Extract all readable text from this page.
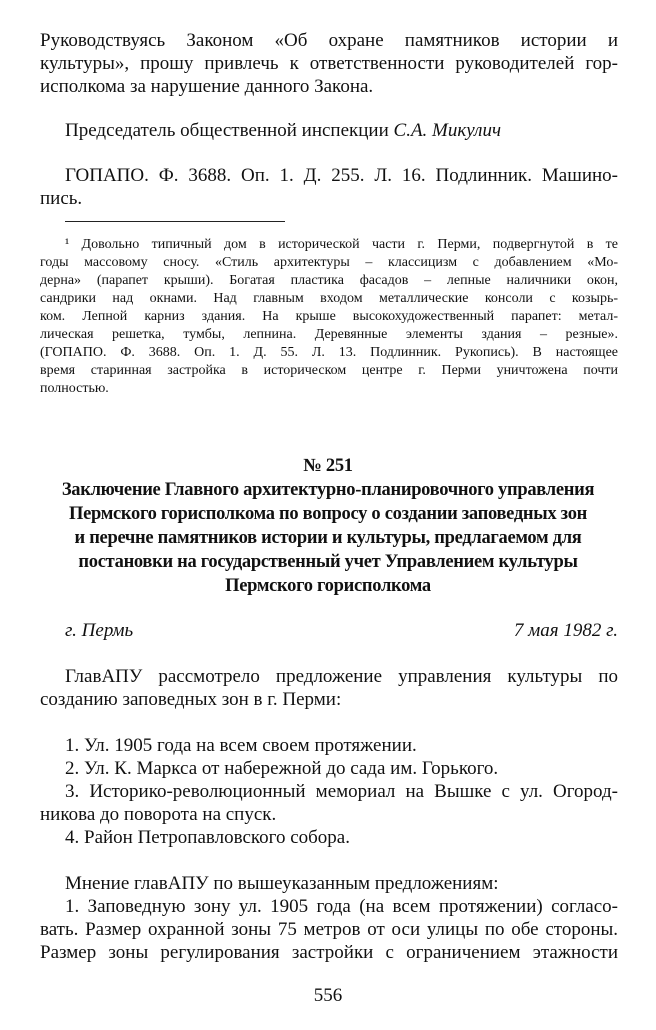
Руководствуясь Законом «Об охране памятников истории и
культуры», прошу привлечь к ответственности руководителей гор-
исполкома за нарушение данного Закона.
Председатель общественной инспекции С.А. Микулич
ГОПАПО. Ф. 3688. Оп. 1. Д. 255. Л. 16. Подлинник. Машино-
пись.
¹ Довольно типичный дом в исторической части г. Перми, подвергнутой в те
годы массовому сносу. «Стиль архитектуры – классицизм с добавлением «Мо-
дерна» (парапет крыши). Богатая пластика фасадов – лепные наличники окон,
сандрики над окнами. Над главным входом металлические консоли с козырь-
ком. Лепной карниз здания. На крыше высокохудожественный парапет: метал-
лическая решетка, тумбы, лепнина. Деревянные элементы здания – резные».
(ГОПАПО. Ф. 3688. Оп. 1. Д. 55. Л. 13. Подлинник. Рукопись). В настоящее
время старинная застройка в историческом центре г. Перми уничтожена почти
полностью.
№ 251
Заключение Главного архитектурно-планировочного управления
Пермского горисполкома по вопросу о создании заповедных зон
и перечне памятников истории и культуры, предлагаемом для
постановки на государственный учет Управлением культуры
Пермского горисполкома
г. Пермь	7 мая 1982 г.
ГлавАПУ рассмотрело предложение управления культуры по
созданию заповедных зон в г. Перми:
1. Ул. 1905 года на всем своем протяжении.
2. Ул. К. Маркса от набережной до сада им. Горького.
3. Историко-революционный мемориал на Вышке с ул. Огород-
никова до поворота на спуск.
4. Район Петропавловского собора.
Мнение главАПУ по вышеуказанным предложениям:
1. Заповедную зону ул. 1905 года (на всем протяжении) согласо-
вать. Размер охранной зоны 75 метров от оси улицы по обе стороны.
Размер зоны регулирования застройки с ограничением этажности
556
